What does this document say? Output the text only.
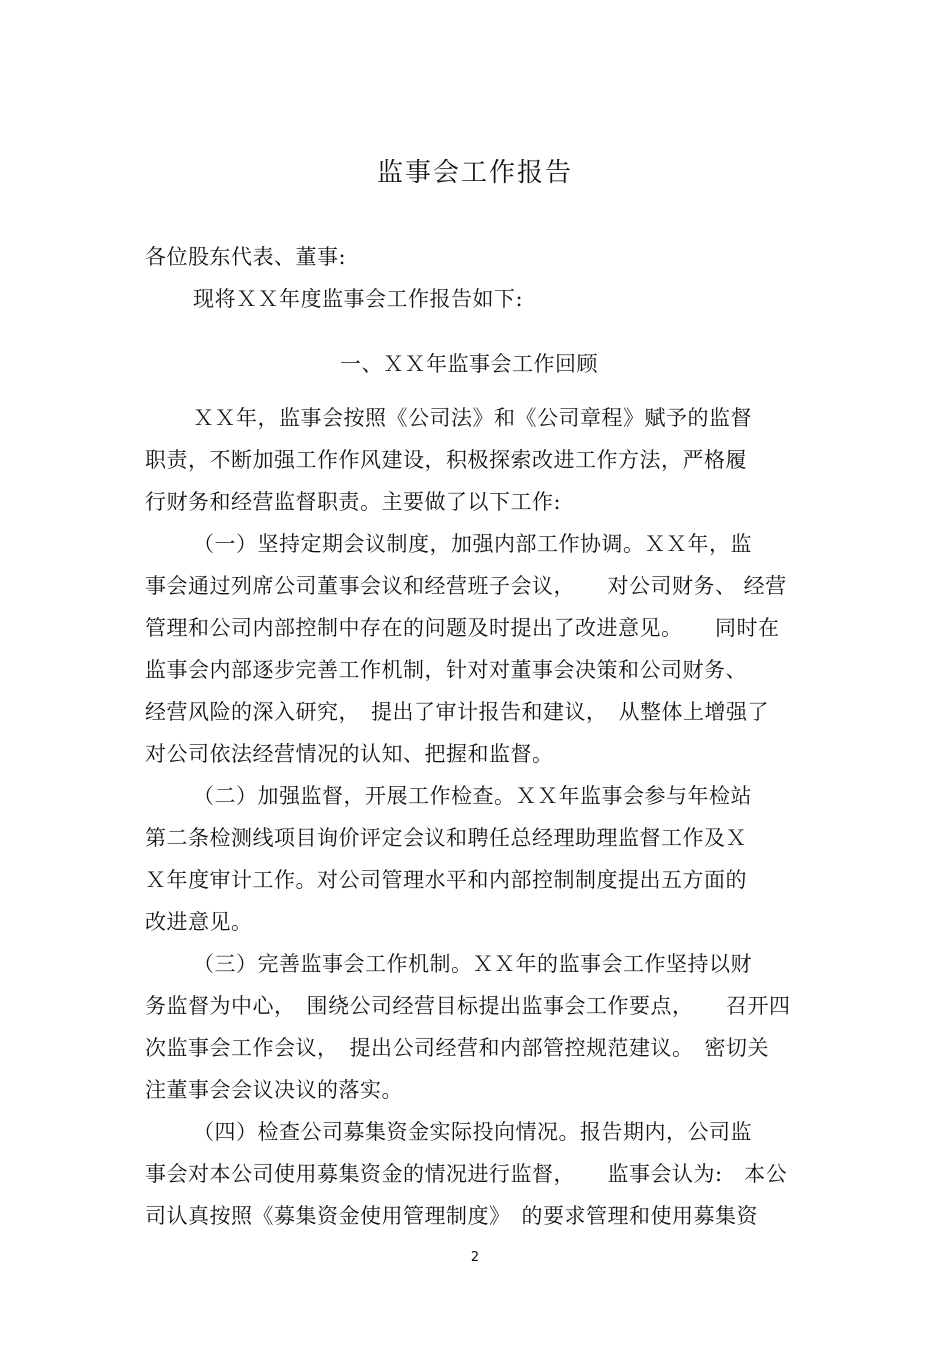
监事会工作报告
各位股东代表、董事:
现将ＸＸ年度监事会工作报告如下:
一、ＸＸ年监事会工作回顾
ＸＸ年，监事会按照《公司法》和《公司章程》赋予的监督
职责，不断加强工作作风建设，积极探索改进工作方法，严格履
行财务和经营监督职责。主要做了以下工作:
（一）坚持定期会议制度，加强内部工作协调。ＸＸ年，监
事会通过列席公司董事会议和经营班子会议，　　对公司财务、 经营
管理和公司内部控制中存在的问题及时提出了改进意见。　　同时在
监事会内部逐步完善工作机制，针对对董事会决策和公司财务、
经营风险的深入研究，　提出了审计报告和建议，　从整体上增强了
对公司依法经营情况的认知、把握和监督。
（二）加强监督，开展工作检查。ＸＸ年监事会参与年检站
第二条检测线项目询价评定会议和聘任总经理助理监督工作及Ｘ
Ｘ年度审计工作。对公司管理水平和内部控制制度提出五方面的
改进意见。
（三）完善监事会工作机制。ＸＸ年的监事会工作坚持以财
务监督为中心，　围绕公司经营目标提出监事会工作要点，　　召开四
次监事会工作会议，　提出公司经营和内部管控规范建议。　密切关
注董事会会议决议的落实。
（四）检查公司募集资金实际投向情况。报告期内，公司监
事会对本公司使用募集资金的情况进行监督，　　监事会认为:　本公
司认真按照《募集资金使用管理制度》　的要求管理和使用募集资
2
